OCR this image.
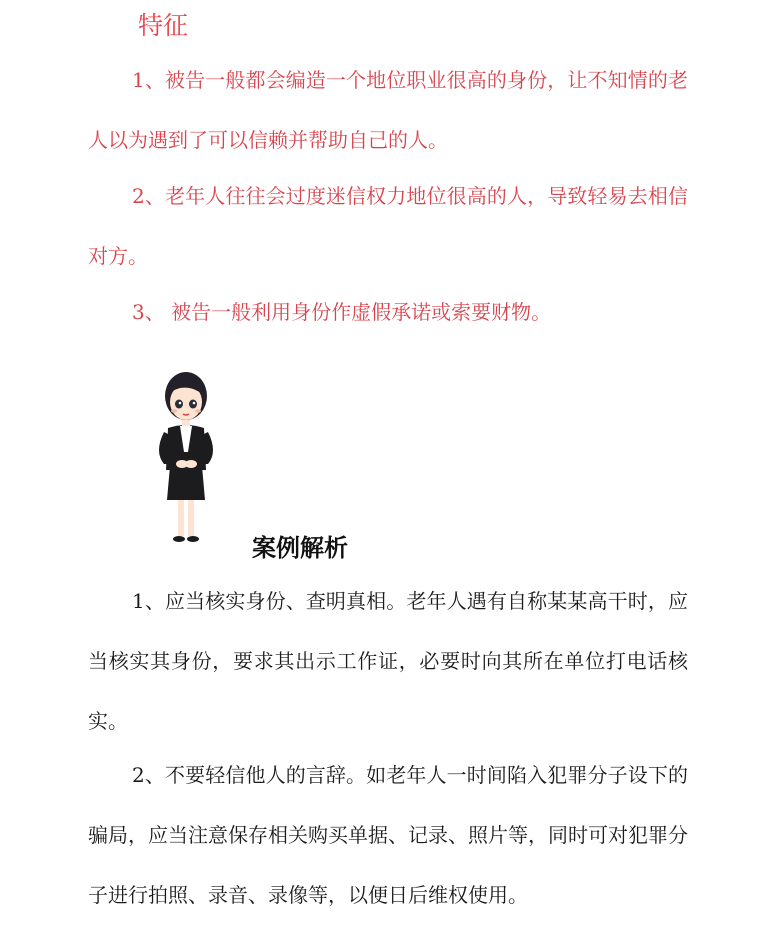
特征

1、被告一般都会编造一个地位职业很高的身份，让不知情的老人以为遇到了可以信赖并帮助自己的人。

2、老年人往往会过度迷信权力地位很高的人，导致轻易去相信对方。

3、 被告一般利用身份作虚假承诺或索要财物。

案例解析

1、应当核实身份、查明真相。老年人遇有自称某某高干时，应当核实其身份，要求其出示工作证，必要时向其所在单位打电话核实。

2、不要轻信他人的言辞。如老年人一时间陷入犯罪分子设下的骗局，应当注意保存相关购买单据、记录、照片等，同时可对犯罪分子进行拍照、录音、录像等，以便日后维权使用。
